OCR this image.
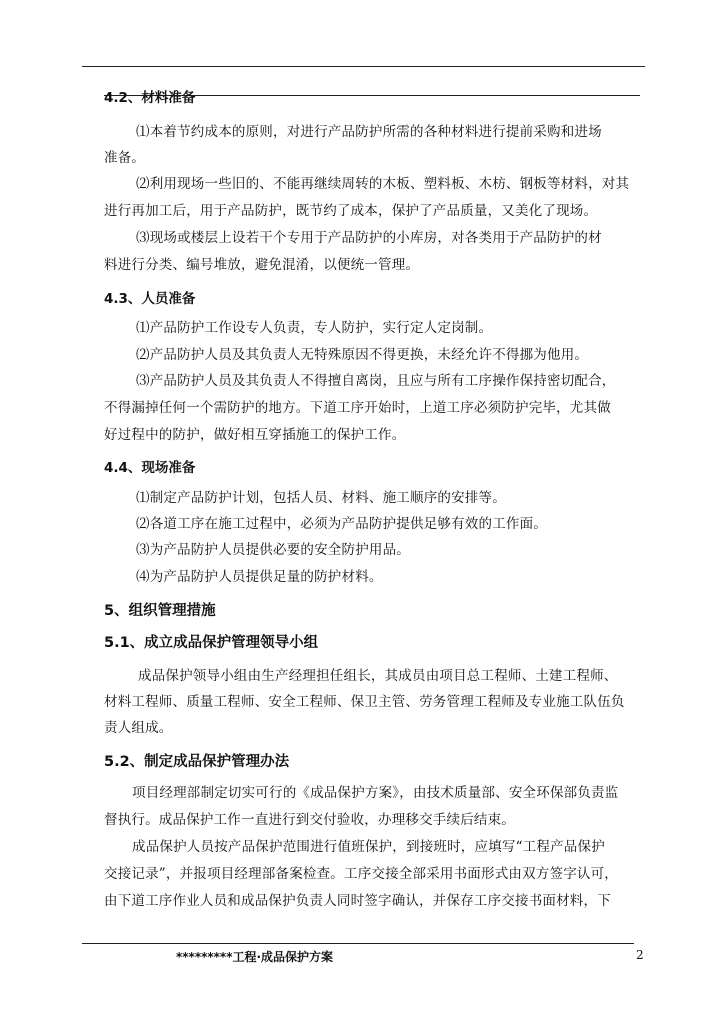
4.2、材料准备
⑴本着节约成本的原则，对进行产品防护所需的各种材料进行提前采购和进场
准备。
⑵利用现场一些旧的、不能再继续周转的木板、塑料板、木枋、钢板等材料，对其
进行再加工后，用于产品防护，既节约了成本，保护了产品质量，又美化了现场。
⑶现场或楼层上设若干个专用于产品防护的小库房，对各类用于产品防护的材
料进行分类、编号堆放，避免混淆，以便统一管理。
4.3、人员准备
⑴产品防护工作设专人负责，专人防护，实行定人定岗制。
⑵产品防护人员及其负责人无特殊原因不得更换，未经允许不得挪为他用。
⑶产品防护人员及其负责人不得擅自离岗，且应与所有工序操作保持密切配合，
不得漏掉任何一个需防护的地方。下道工序开始时，上道工序必须防护完毕，尤其做
好过程中的防护，做好相互穿插施工的保护工作。
4.4、现场准备
⑴制定产品防护计划，包括人员、材料、施工顺序的安排等。
⑵各道工序在施工过程中，必须为产品防护提供足够有效的工作面。
⑶为产品防护人员提供必要的安全防护用品。
⑷为产品防护人员提供足量的防护材料。
5、组织管理措施
5.1、成立成品保护管理领导小组
成品保护领导小组由生产经理担任组长，其成员由项目总工程师、土建工程师、
材料工程师、质量工程师、安全工程师、保卫主管、劳务管理工程师及专业施工队伍负
责人组成。
5.2、制定成品保护管理办法
项目经理部制定切实可行的《成品保护方案》，由技术质量部、安全环保部负责监
督执行。成品保护工作一直进行到交付验收，办理移交手续后结束。
成品保护人员按产品保护范围进行值班保护，到接班时，应填写“工程产品保护
交接记录”，并报项目经理部备案检查。工序交接全部采用书面形式由双方签字认可，
由下道工序作业人员和成品保护负责人同时签字确认，并保存工序交接书面材料，下
*********工程·成品保护方案	2
